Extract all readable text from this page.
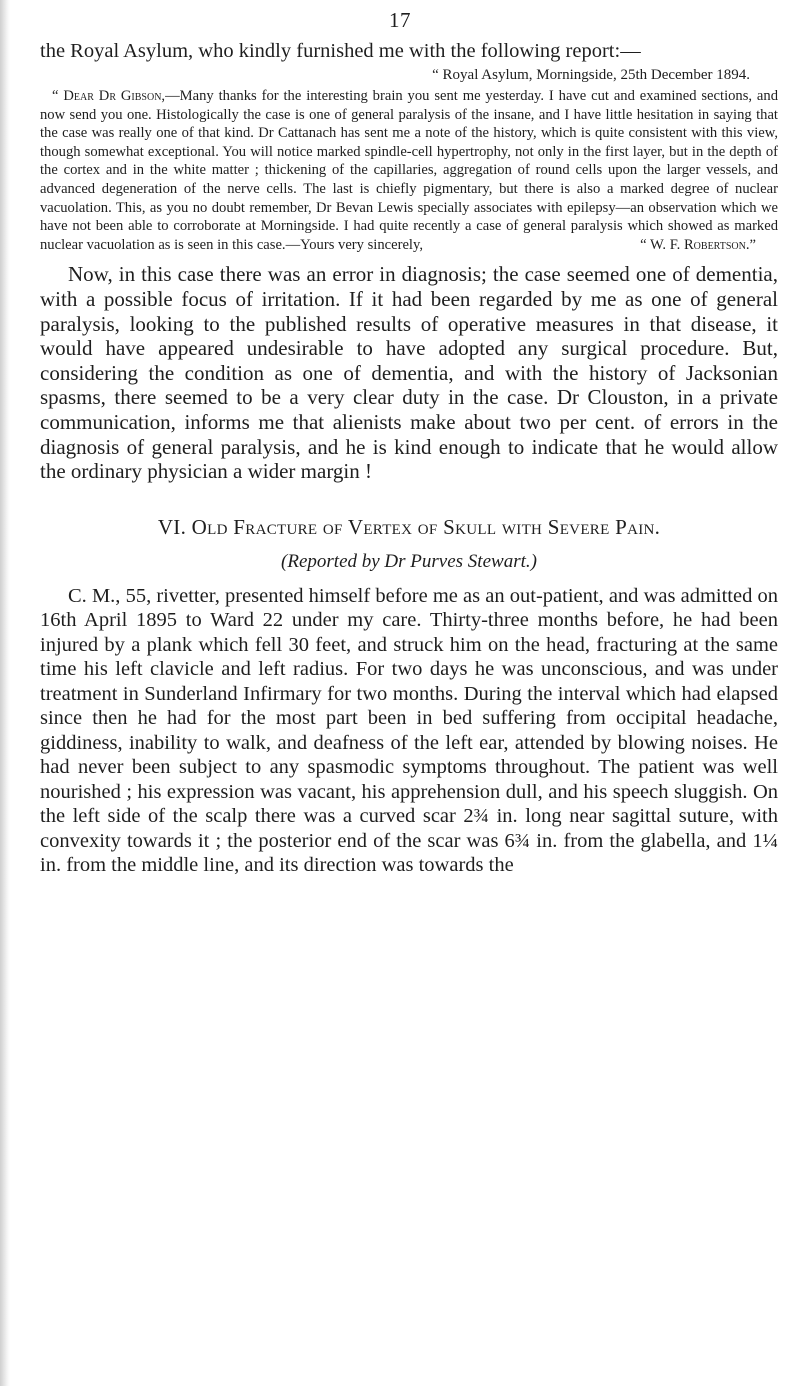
17

the Royal Asylum, who kindly furnished me with the following report:—

“ Royal Asylum, Morningside, 25th December 1894.

“ Dear Dr Gibson,—Many thanks for the interesting brain you sent me yesterday. I have cut and examined sections, and now send you one. Histologically the case is one of general paralysis of the insane, and I have little hesitation in saying that the case was really one of that kind. Dr Cattanach has sent me a note of the history, which is quite consistent with this view, though somewhat exceptional. You will notice marked spindle-cell hypertrophy, not only in the first layer, but in the depth of the cortex and in the white matter ; thickening of the capillaries, aggregation of round cells upon the larger vessels, and advanced degeneration of the nerve cells. The last is chiefly pigmentary, but there is also a marked degree of nuclear vacuolation. This, as you no doubt remember, Dr Bevan Lewis specially associates with epilepsy—an observation which we have not been able to corroborate at Morningside. I had quite recently a case of general paralysis which showed as marked nuclear vacuolation as is seen in this case.—Yours very sincerely,	“ W. F. Robertson.”

Now, in this case there was an error in diagnosis; the case seemed one of dementia, with a possible focus of irritation. If it had been regarded by me as one of general paralysis, looking to the published results of operative measures in that disease, it would have appeared undesirable to have adopted any surgical procedure. But, considering the condition as one of dementia, and with the history of Jacksonian spasms, there seemed to be a very clear duty in the case. Dr Clouston, in a private communication, informs me that alienists make about two per cent. of errors in the diagnosis of general paralysis, and he is kind enough to indicate that he would allow the ordinary physician a wider margin !

VI. Old Fracture of Vertex of Skull with Severe Pain.

(Reported by Dr Purves Stewart.)

C. M., 55, rivetter, presented himself before me as an out-patient, and was admitted on 16th April 1895 to Ward 22 under my care. Thirty-three months before, he had been injured by a plank which fell 30 feet, and struck him on the head, fracturing at the same time his left clavicle and left radius. For two days he was unconscious, and was under treatment in Sunderland Infirmary for two months. During the interval which had elapsed since then he had for the most part been in bed suffering from occipital headache, giddiness, inability to walk, and deafness of the left ear, attended by blowing noises. He had never been subject to any spasmodic symptoms throughout. The patient was well nourished ; his expression was vacant, his apprehension dull, and his speech sluggish. On the left side of the scalp there was a curved scar 2¾ in. long near sagittal suture, with convexity towards it ; the posterior end of the scar was 6¾ in. from the glabella, and 1¼ in. from the middle line, and its direction was towards the
